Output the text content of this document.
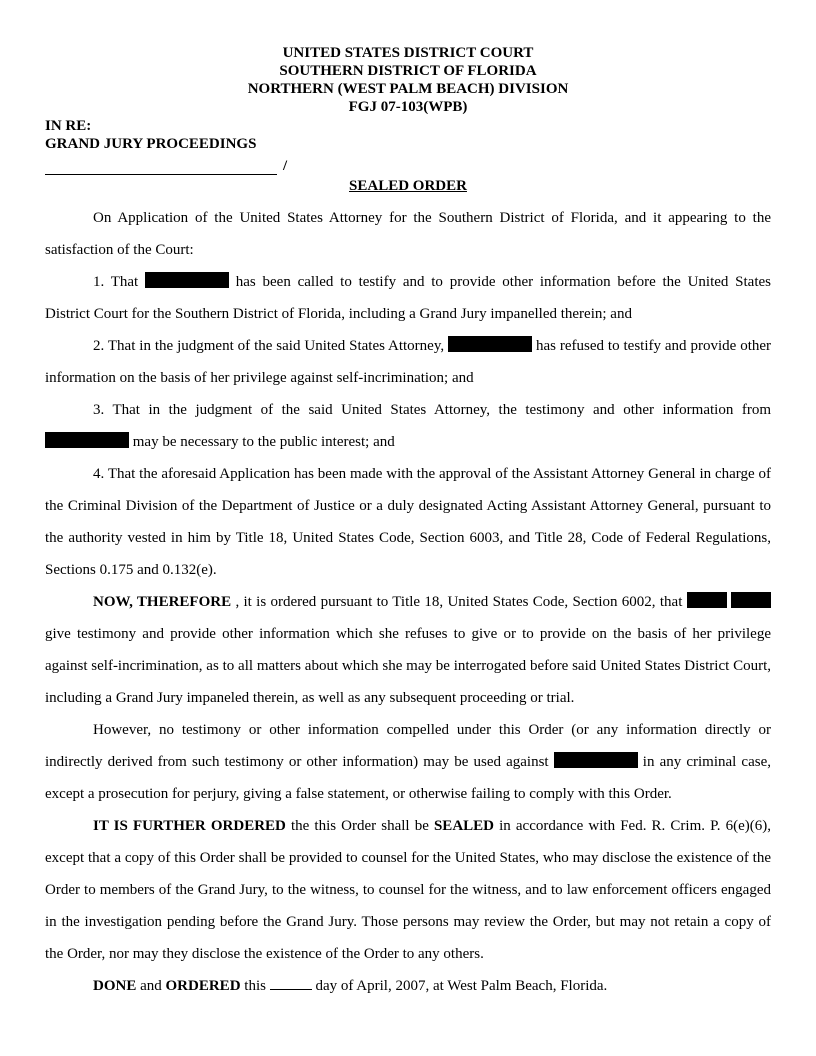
UNITED STATES DISTRICT COURT
SOUTHERN DISTRICT OF FLORIDA
NORTHERN (WEST PALM BEACH) DIVISION
FGJ 07-103(WPB)
IN RE:
GRAND JURY PROCEEDINGS
/
SEALED ORDER

On Application of the United States Attorney for the Southern District of Florida, and it appearing to the satisfaction of the Court:

1. That	has been called to testify and to provide other information before the United States District Court for the Southern District of Florida, including a Grand Jury impanelled therein; and

2. That in the judgment of the said United States Attorney,	has refused to testify and provide other information on the basis of her privilege against self-incrimination; and

3. That in the judgment of the said United States Attorney, the testimony and other information from  may be necessary to the public interest; and

4. That the aforesaid Application has been made with the approval of the Assistant Attorney General in charge of the Criminal Division of the Department of Justice or a duly designated Acting Assistant Attorney General, pursuant to the authority vested in him by Title 18, United States Code, Section 6003, and Title 28, Code of Federal Regulations, Sections 0.175 and 0.132(e).

NOW, THEREFORE , it is ordered pursuant to Title 18, United States Code, Section 6002, that   give testimony and provide other information which she refuses to give or to provide on the basis of her privilege against self-incrimination, as to all matters about which she may be interrogated before said United States District Court, including a Grand Jury impaneled therein, as well as any subsequent proceeding or trial.

However, no testimony or other information compelled under this Order (or any information directly or indirectly derived from such testimony or other information) may be used against	in any criminal case, except a prosecution for perjury, giving a false statement, or otherwise failing to comply with this Order.

IT IS FURTHER ORDERED the this Order shall be SEALED in accordance with Fed. R. Crim. P. 6(e)(6), except that a copy of this Order shall be provided to counsel for the United States, who may disclose the existence of the Order to members of the Grand Jury, to the witness, to counsel for the witness, and to law enforcement officers engaged in the investigation pending before the Grand Jury. Those persons may review the Order, but may not retain a copy of the Order, nor may they disclose the existence of the Order to any others.

DONE and ORDERED this	day of April, 2007, at West Palm Beach, Florida.
